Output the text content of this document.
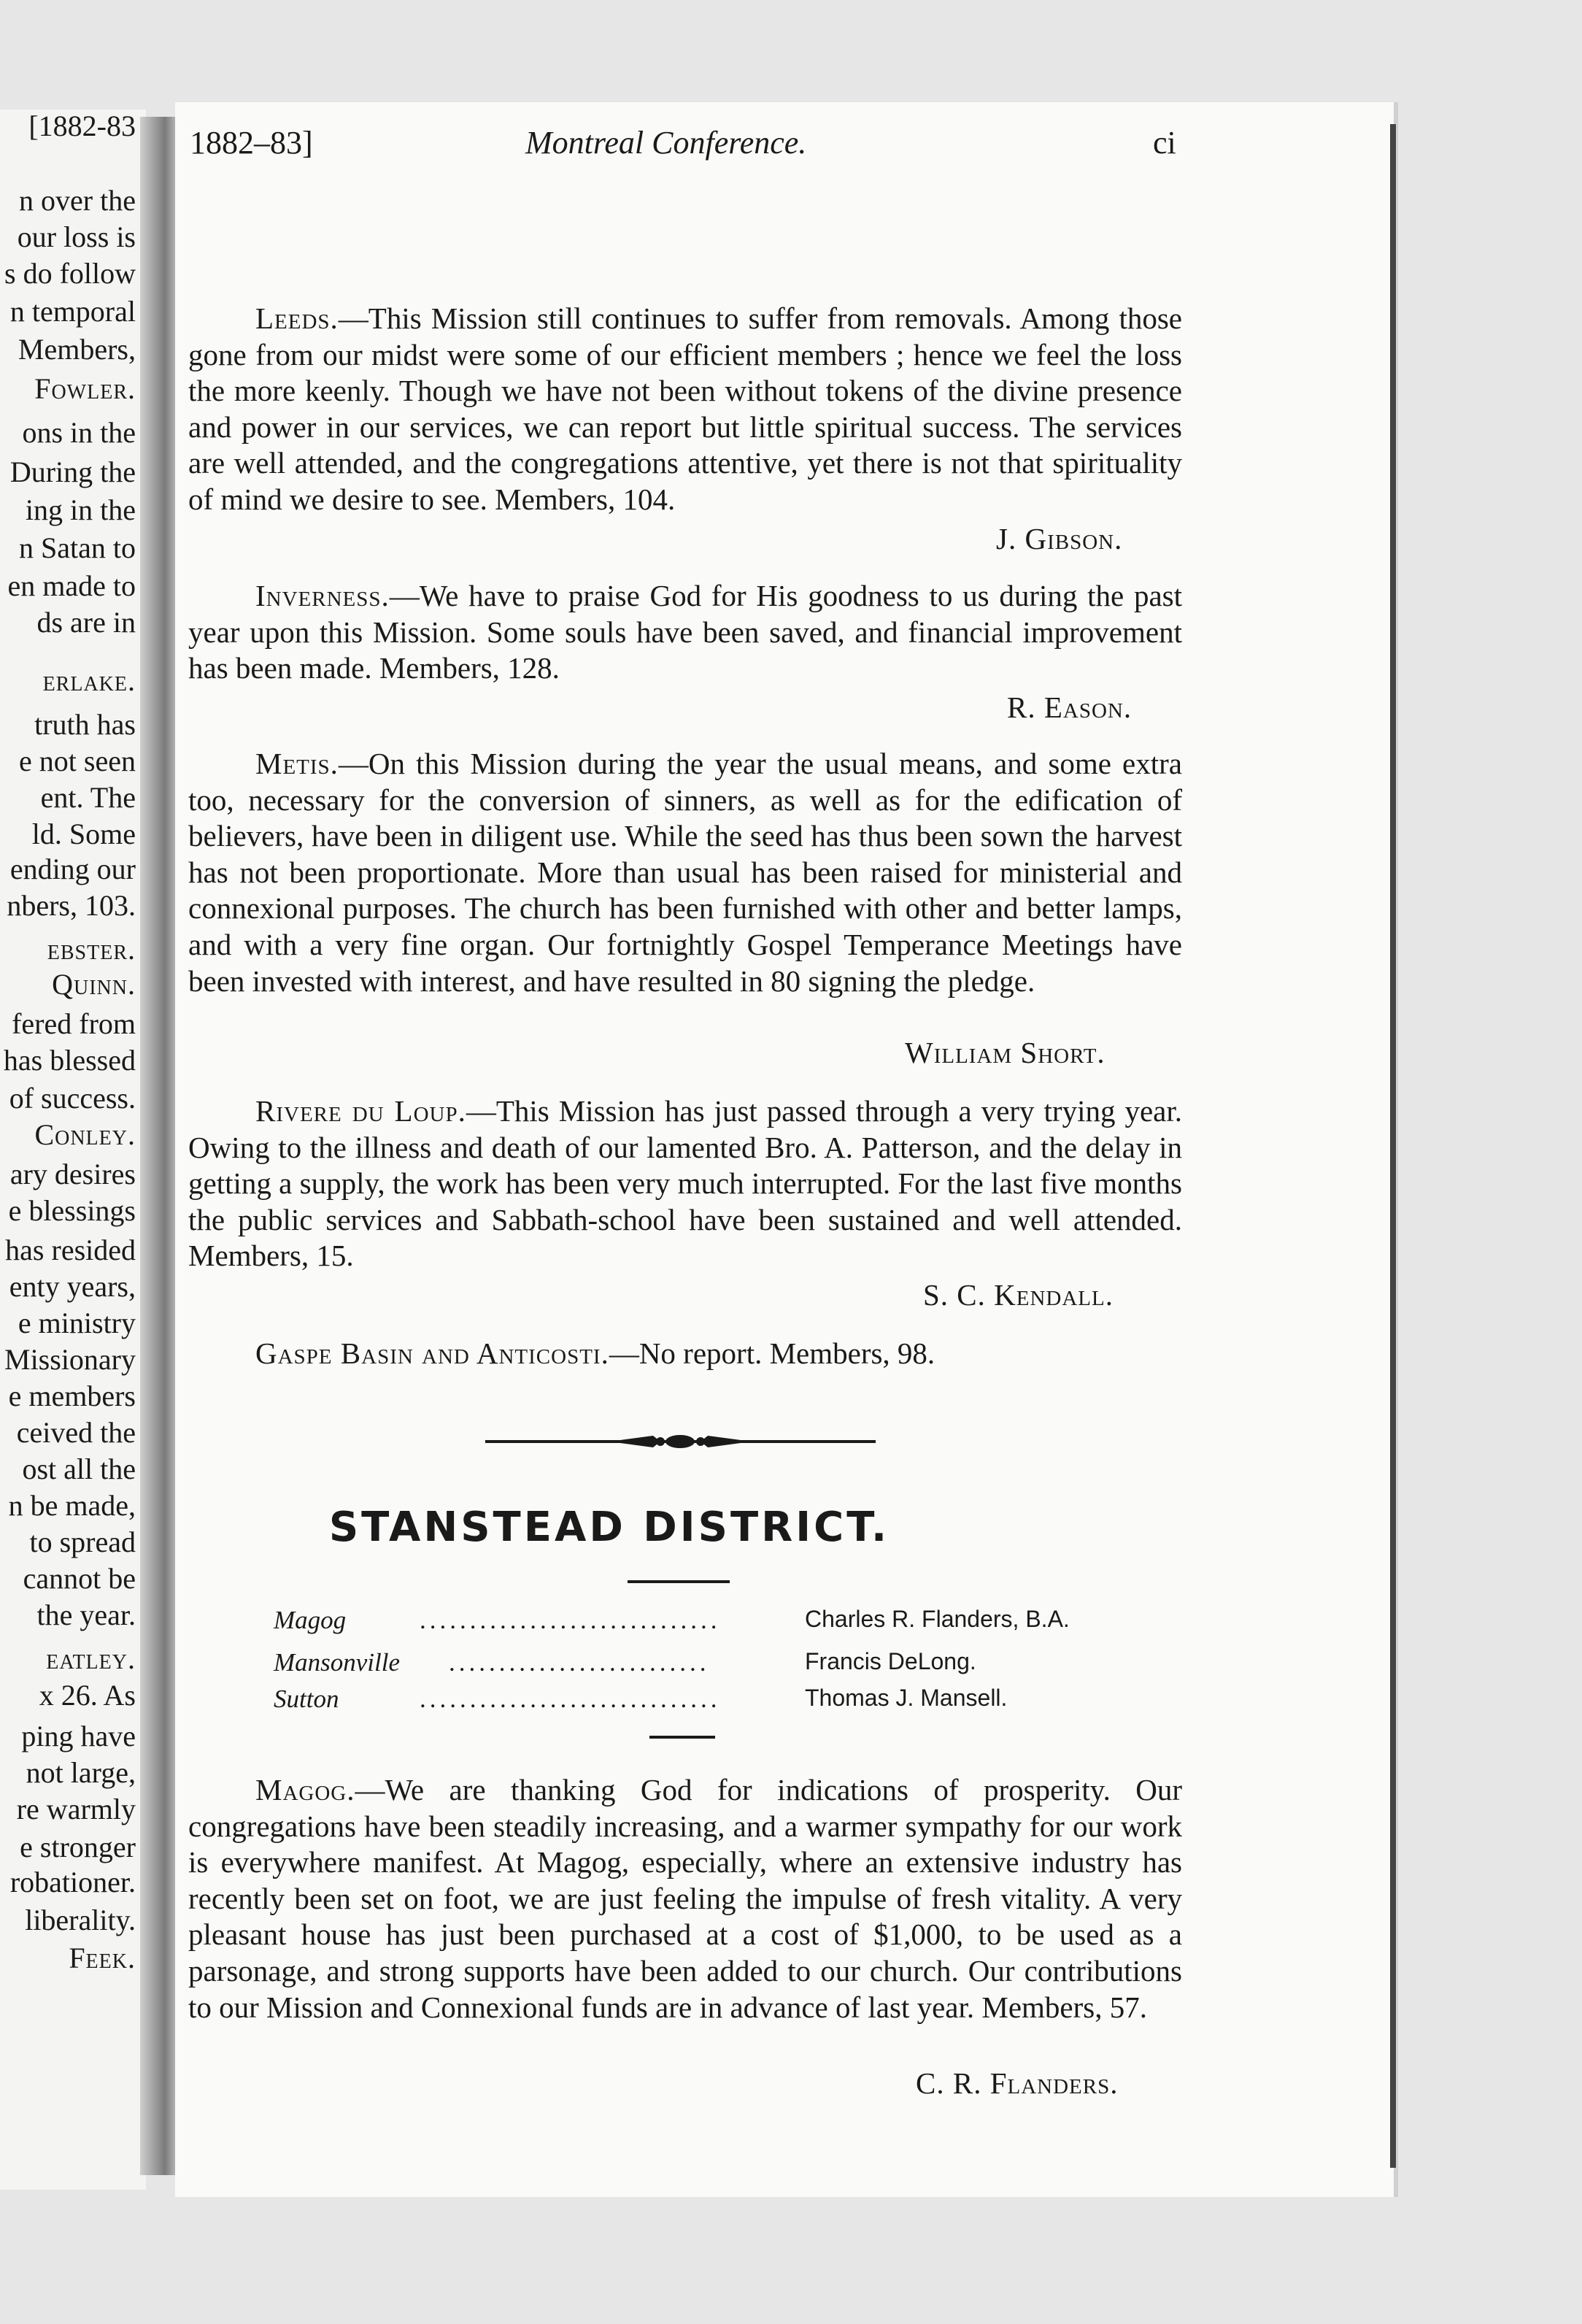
[1882-83
n over the
our loss is
s do follow
n temporal
Members,
Fowler.
ons in the
During the
ing in the
n Satan to
en made to
ds are in
erlake.
truth has
e not seen
ent. The
ld. Some
ending our
nbers, 103.
ebster.
Quinn.
fered from
has blessed
of success.
Conley.
ary desires
e blessings
has resided
enty years,
e ministry
Missionary
e members
ceived the
ost all the
n be made,
to spread
cannot be
the year.
eatley.
x 26. As
ping have
not large,
re warmly
e stronger
robationer.
liberality.
Feek.
1882–83]	Montreal Conference.	ci
Leeds.—This Mission still continues to suffer from removals. Among those gone from our midst were some of our efficient members ; hence we feel the loss the more keenly. Though we have not been without tokens of the divine presence and power in our services, we can report but little spiritual success. The services are well attended, and the congregations attentive, yet there is not that spirituality of mind we desire to see. Members, 104.
J. Gibson.
Inverness.—We have to praise God for His goodness to us during the past year upon this Mission. Some souls have been saved, and financial improvement has been made. Members, 128.
R. Eason.
Metis.—On this Mission during the year the usual means, and some extra too, necessary for the conversion of sinners, as well as for the edification of believers, have been in diligent use. While the seed has thus been sown the harvest has not been proportionate. More than usual has been raised for ministerial and connexional purposes. The church has been furnished with other and better lamps, and with a very fine organ. Our fortnightly Gospel Temperance Meetings have been invested with interest, and have resulted in 80 signing the pledge.
William Short.
Rivere du Loup.—This Mission has just passed through a very trying year. Owing to the illness and death of our lamented Bro. A. Patterson, and the delay in getting a supply, the work has been very much interrupted. For the last five months the public services and Sabbath-school have been sustained and well attended. Members, 15.
S. C. Kendall.
Gaspe Basin and Anticosti.—No report. Members, 98.
STANSTEAD DISTRICT.
Magog	..............................	Charles R. Flanders, B.A.
Mansonville ..........................	Francis DeLong.
Sutton	..............................	Thomas J. Mansell.
Magog.—We are thanking God for indications of prosperity. Our congregations have been steadily increasing, and a warmer sympathy for our work is everywhere manifest. At Magog, especially, where an extensive industry has recently been set on foot, we are just feeling the impulse of fresh vitality. A very pleasant house has just been purchased at a cost of $1,000, to be used as a parsonage, and strong supports have been added to our church. Our contributions to our Mission and Connexional funds are in advance of last year. Members, 57.
C. R. Flanders.
